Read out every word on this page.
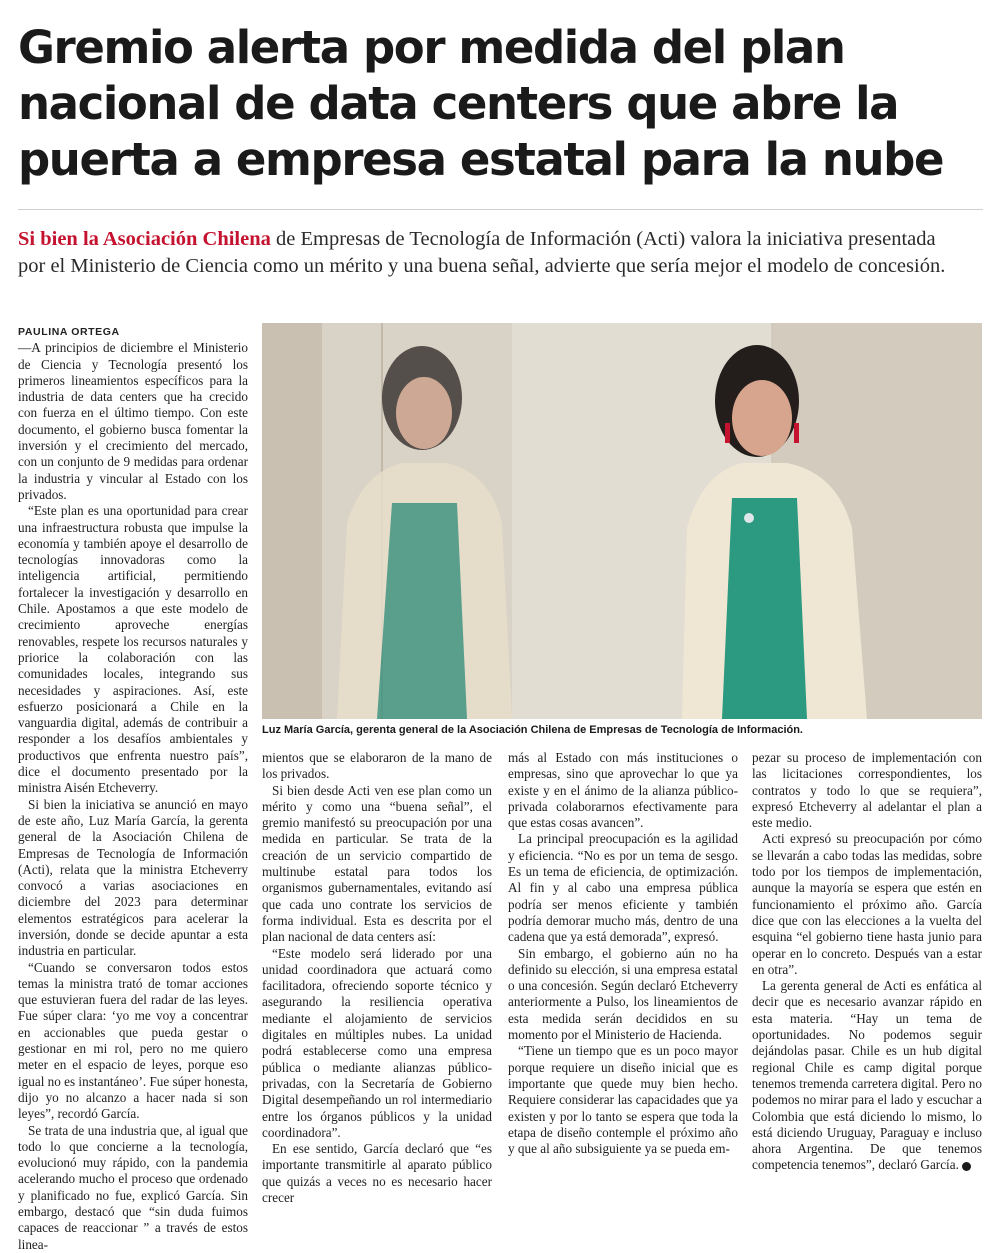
Gremio alerta por medida del plan
nacional de data centers que abre la
puerta a empresa estatal para la nube

Si bien la Asociación Chilena de Empresas de Tecnología de Información (Acti) valora la iniciativa presentada
por el Ministerio de Ciencia como un mérito y una buena señal, advierte que sería mejor el modelo de concesión.

PAULINA ORTEGA

—A principios de diciembre el Ministerio de Ciencia y Tecnología presentó los primeros lineamientos específicos para la industria de data centers que ha crecido con fuerza en el último tiempo. Con este documento, el gobierno busca fomentar la inversión y el crecimiento del mercado, con un conjunto de 9 medidas para ordenar la industria y vincular al Estado con los privados.

“Este plan es una oportunidad para crear una infraestructura robusta que impulse la economía y también apoye el desarrollo de tecnologías innovadoras como la inteligencia artificial, permitiendo fortalecer la investigación y desarrollo en Chile. Apostamos a que este modelo de crecimiento aproveche energías renovables, respete los recursos naturales y priorice la colaboración con las comunidades locales, integrando sus necesidades y aspiraciones. Así, este esfuerzo posicionará a Chile en la vanguardia digital, además de contribuir a responder a los desafíos ambientales y productivos que enfrenta nuestro país”, dice el documento presentado por la ministra Aisén Etcheverry.

Si bien la iniciativa se anunció en mayo de este año, Luz María García, la gerenta general de la Asociación Chilena de Empresas de Tecnología de Información (Acti), relata que la ministra Etcheverry convocó a varias asociaciones en diciembre del 2023 para determinar elementos estratégicos para acelerar la inversión, donde se decide apuntar a esta industria en particular.

“Cuando se conversaron todos estos temas la ministra trató de tomar acciones que estuvieran fuera del radar de las leyes. Fue súper clara: ‘yo me voy a concentrar en accionables que pueda gestar o gestionar en mi rol, pero no me quiero meter en el espacio de leyes, porque eso igual no es instantáneo’. Fue súper honesta, dijo yo no alcanzo a hacer nada si son leyes”, recordó García.

Se trata de una industria que, al igual que todo lo que concierne a la tecnología, evolucionó muy rápido, con la pandemia acelerando mucho el proceso que ordenado y planificado no fue, explicó García. Sin embargo, destacó que “sin duda fuimos capaces de reaccionar ” a través de estos linea-

Luz María García, gerenta general de la Asociación Chilena de Empresas de Tecnología de Información.

mientos que se elaboraron de la mano de los privados.

Si bien desde Acti ven ese plan como un mérito y como una “buena señal”, el gremio manifestó su preocupación por una medida en particular. Se trata de la creación de un servicio compartido de multinube estatal para todos los organismos gubernamentales, evitando así que cada uno contrate los servicios de forma individual. Esta es descrita por el plan nacional de data centers así:

“Este modelo será liderado por una unidad coordinadora que actuará como facilitadora, ofreciendo soporte técnico y asegurando la resiliencia operativa mediante el alojamiento de servicios digitales en múltiples nubes. La unidad podrá establecerse como una empresa pública o mediante alianzas público-privadas, con la Secretaría de Gobierno Digital desempeñando un rol intermediario entre los órganos públicos y la unidad coordinadora”.

En ese sentido, García declaró que “es importante transmitirle al aparato público que quizás a veces no es necesario hacer crecer

más al Estado con más instituciones o empresas, sino que aprovechar lo que ya existe y en el ánimo de la alianza público-privada colaborarnos efectivamente para que estas cosas avancen”.

La principal preocupación es la agilidad y eficiencia. “No es por un tema de sesgo. Es un tema de eficiencia, de optimización. Al fin y al cabo una empresa pública podría ser menos eficiente y también podría demorar mucho más, dentro de una cadena que ya está demorada”, expresó.

Sin embargo, el gobierno aún no ha definido su elección, si una empresa estatal o una concesión. Según declaró Etcheverry anteriormente a Pulso, los lineamientos de esta medida serán decididos en su momento por el Ministerio de Hacienda.

“Tiene un tiempo que es un poco mayor porque requiere un diseño inicial que es importante que quede muy bien hecho. Requiere considerar las capacidades que ya existen y por lo tanto se espera que toda la etapa de diseño contemple el próximo año y que al año subsiguiente ya se pueda em-

pezar su proceso de implementación con las licitaciones correspondientes, los contratos y todo lo que se requiera”, expresó Etcheverry al adelantar el plan a este medio.

Acti expresó su preocupación por cómo se llevarán a cabo todas las medidas, sobre todo por los tiempos de implementación, aunque la mayoría se espera que estén en funcionamiento el próximo año. García dice que con las elecciones a la vuelta del esquina “el gobierno tiene hasta junio para operar en lo concreto. Después van a estar en otra”.

La gerenta general de Acti es enfática al decir que es necesario avanzar rápido en esta materia. “Hay un tema de oportunidades. No podemos seguir dejándolas pasar. Chile es un hub digital regional Chile es camp digital porque tenemos tremenda carretera digital. Pero no podemos no mirar para el lado y escuchar a Colombia que está diciendo lo mismo, lo está diciendo Uruguay, Paraguay e incluso ahora Argentina. De que tenemos competencia tenemos”, declaró García.
